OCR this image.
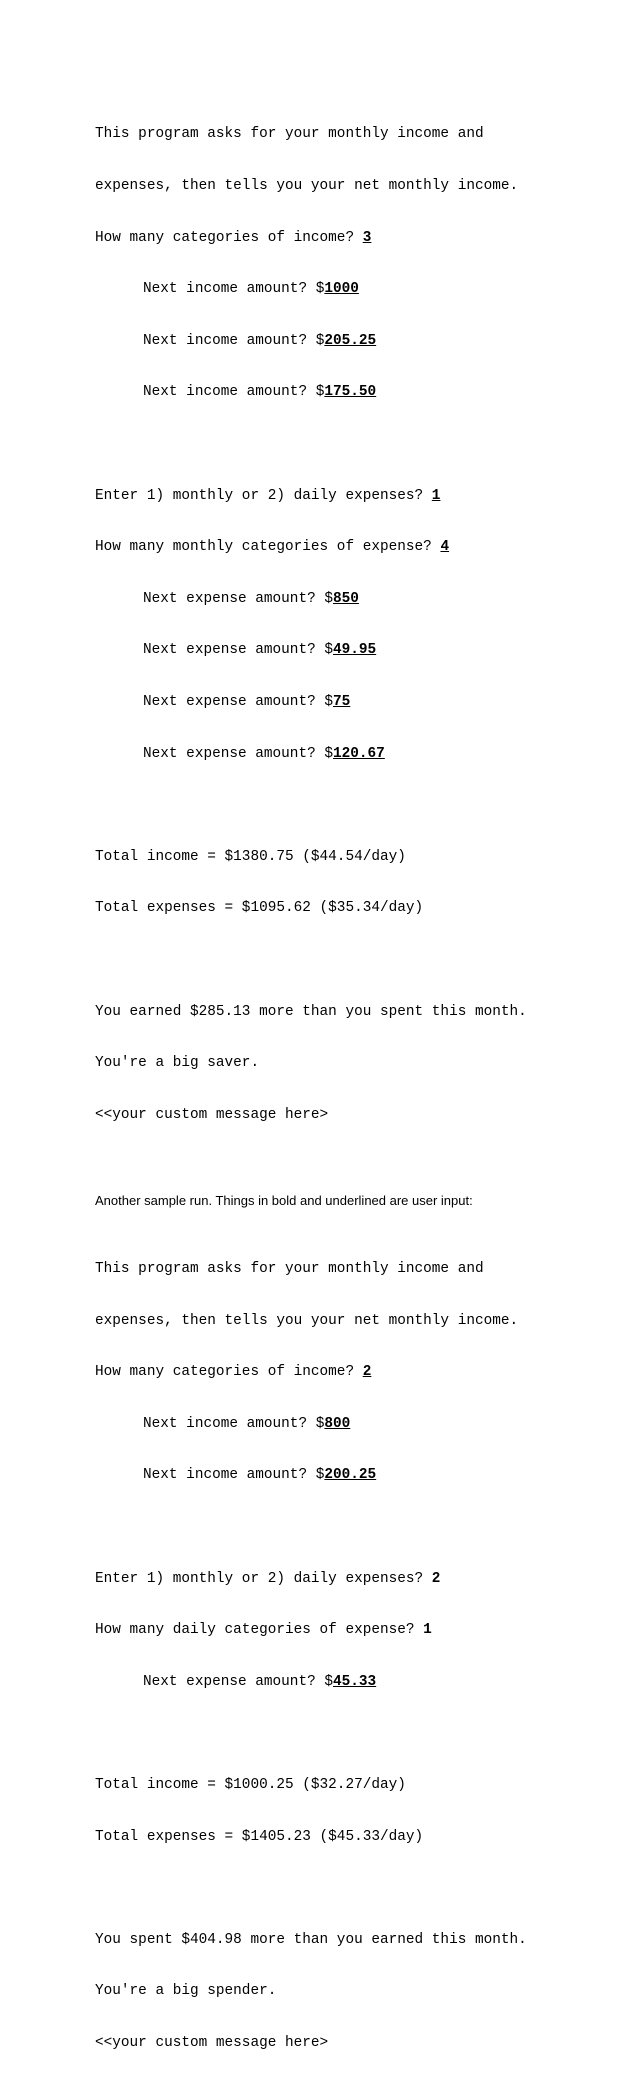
This program asks for your monthly income and

expenses, then tells you your net monthly income.

How many categories of income? 3

Next income amount? $1000

Next income amount? $205.25

Next income amount? $175.50

Enter 1) monthly or 2) daily expenses? 1

How many monthly categories of expense? 4

Next expense amount? $850

Next expense amount? $49.95

Next expense amount? $75

Next expense amount? $120.67

Total income = $1380.75 ($44.54/day)

Total expenses = $1095.62 ($35.34/day)

You earned $285.13 more than you spent this month.

You're a big saver.

<<your custom message here>

Another sample run. Things in bold and underlined are user input:

This program asks for your monthly income and

expenses, then tells you your net monthly income.

How many categories of income? 2

Next income amount? $800

Next income amount? $200.25

Enter 1) monthly or 2) daily expenses? 2

How many daily categories of expense? 1

Next expense amount? $45.33

Total income = $1000.25 ($32.27/day)

Total expenses = $1405.23 ($45.33/day)

You spent $404.98 more than you earned this month.

You're a big spender.

<<your custom message here>
